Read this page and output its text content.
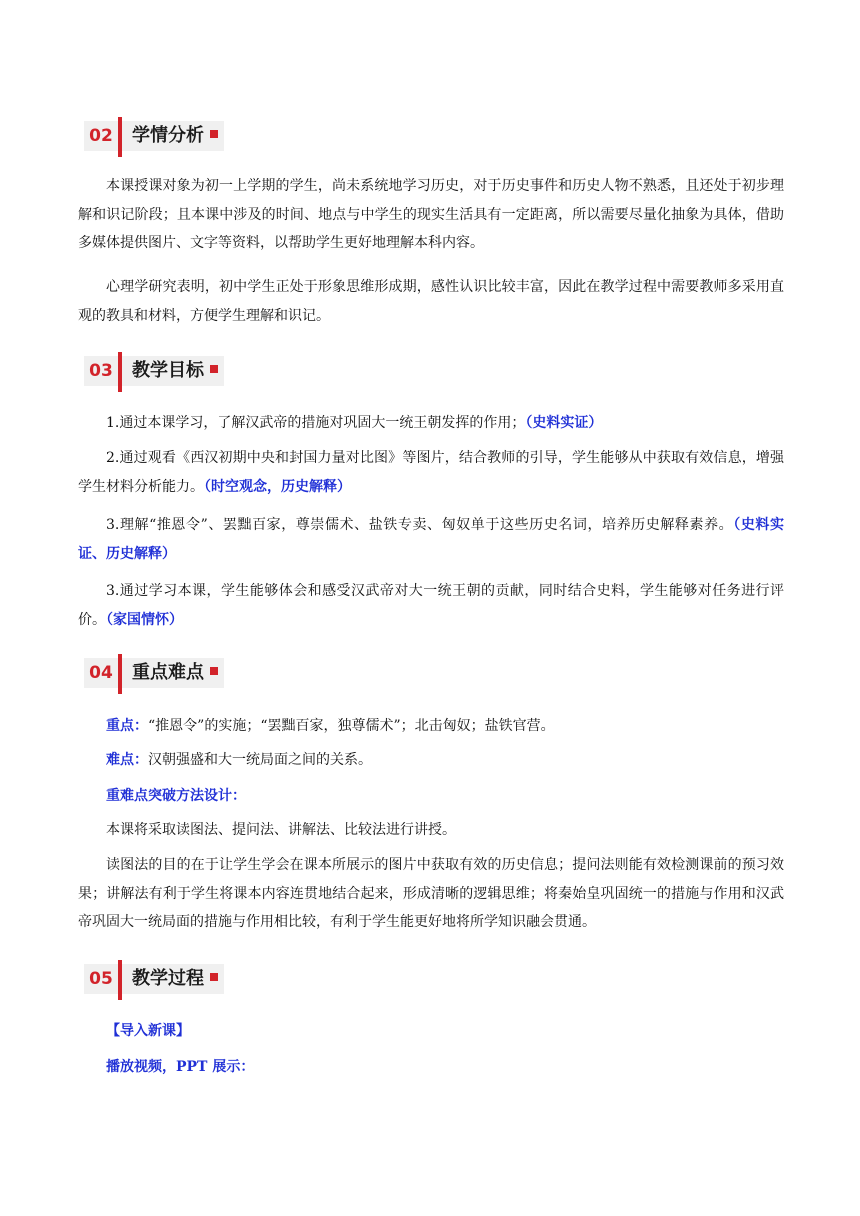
02	学情分析

本课授课对象为初一上学期的学生，尚未系统地学习历史，对于历史事件和历史人物不熟悉，且还处于初步理解和识记阶段；且本课中涉及的时间、地点与中学生的现实生活具有一定距离，所以需要尽量化抽象为具体，借助多媒体提供图片、文字等资料，以帮助学生更好地理解本科内容。

心理学研究表明，初中学生正处于形象思维形成期，感性认识比较丰富，因此在教学过程中需要教师多采用直观的教具和材料，方便学生理解和识记。

03	教学目标

1.通过本课学习，了解汉武帝的措施对巩固大一统王朝发挥的作用；（史料实证）

2.通过观看《西汉初期中央和封国力量对比图》等图片，结合教师的引导，学生能够从中获取有效信息，增强学生材料分析能力。（时空观念，历史解释）

3.理解“推恩令”、罢黜百家，尊崇儒术、盐铁专卖、匈奴单于这些历史名词，培养历史解释素养。（史料实证、历史解释）

3.通过学习本课，学生能够体会和感受汉武帝对大一统王朝的贡献，同时结合史料，学生能够对任务进行评价。（家国情怀）

04	重点难点

重点：“推恩令”的实施；“罢黜百家，独尊儒术”；北击匈奴；盐铁官营。

难点：汉朝强盛和大一统局面之间的关系。

重难点突破方法设计：

本课将采取读图法、提问法、讲解法、比较法进行讲授。

读图法的目的在于让学生学会在课本所展示的图片中获取有效的历史信息；提问法则能有效检测课前的预习效果；讲解法有利于学生将课本内容连贯地结合起来，形成清晰的逻辑思维；将秦始皇巩固统一的措施与作用和汉武帝巩固大一统局面的措施与作用相比较，有利于学生能更好地将所学知识融会贯通。

05	教学过程

【导入新课】

播放视频，PPT 展示：
